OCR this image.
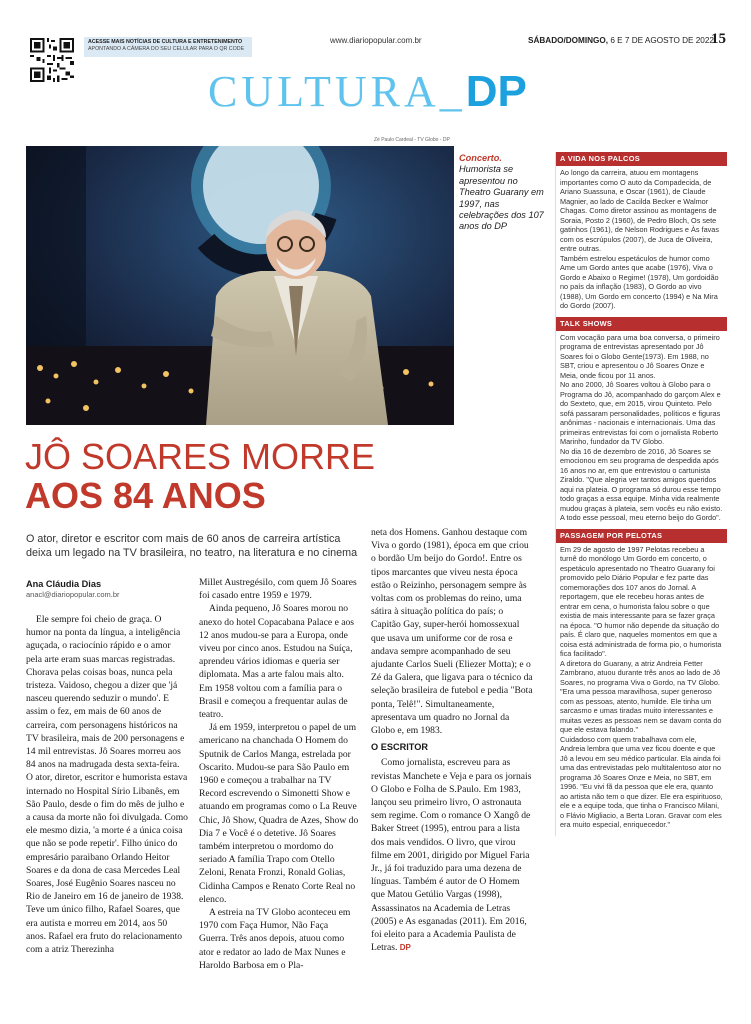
ACESSE MAIS NOTÍCIAS DE CULTURA E ENTRETENIMENTO
APONTANDO A CÂMERA DO SEU CELULAR PARA O QR CODE
www.diariopopular.com.br	SÁBADO/DOMINGO, 6 E 7 DE AGOSTO DE 2022
15
CULTURA_DP
Zé Paulo Cardeal - TV Globo - DP
Concerto.
Humorista se apresentou no Theatro Guarany em 1997, nas celebrações dos 107 anos do DP
JÔ SOARES MORRE
AOS 84 ANOS
O ator, diretor e escritor com mais de 60 anos de carreira artística deixa um legado na TV brasileira, no teatro, na literatura e no cinema
Ana Cláudia Dias
anacl@diariopopular.com.br
Ele sempre foi cheio de graça. O humor na ponta da língua, a inteligência aguçada, o raciocínio rápido e o amor pela arte eram suas marcas registradas. Chorava pelas coisas boas, nunca pela tristeza. Vaidoso, chegou a dizer que 'já nasceu querendo seduzir o mundo'. E assim o fez, em mais de 60 anos de carreira, com personagens históricos na TV brasileira, mais de 200 personagens e 14 mil entrevistas. Jô Soares morreu aos 84 anos na madrugada desta sexta-feira. O ator, diretor, escritor e humorista estava internado no Hospital Sírio Libanês, em São Paulo, desde o fim do mês de julho e a causa da morte não foi divulgada. Como ele mesmo dizia, 'a morte é a única coisa que não se pode repetir'. Filho único do empresário paraibano Orlando Heitor Soares e da dona de casa Mercedes Leal Soares, José Eugênio Soares nasceu no Rio de Janeiro em 16 de janeiro de 1938. Teve um único filho, Rafael Soares, que era autista e morreu em 2014, aos 50 anos. Rafael era fruto do relacionamento com a atriz Therezinha

Millet Austregésilo, com quem Jô Soares foi casado entre 1959 e 1979.

Ainda pequeno, Jô Soares morou no anexo do hotel Copacabana Palace e aos 12 anos mudou-se para a Europa, onde viveu por cinco anos. Estudou na Suíça, aprendeu vários idiomas e queria ser diplomata. Mas a arte falou mais alto. Em 1958 voltou com a família para o Brasil e começou a frequentar aulas de teatro.

Já em 1959, interpretou o papel de um americano na chanchada O Homem do Sputnik de Carlos Manga, estrelada por Oscarito. Mudou-se para São Paulo em 1960 e começou a trabalhar na TV Record escrevendo o Simonetti Show e atuando em programas como o La Reuve Chic, Jô Show, Quadra de Azes, Show do Dia 7 e Você é o detetive. Jô Soares também interpretou o mordomo do seriado A família Trapo com Otello Zeloni, Renata Fronzi, Ronald Golias, Cidinha Campos e Renato Corte Real no elenco.

A estreia na TV Globo aconteceu em 1970 com Faça Humor, Não Faça Guerra. Três anos depois, atuou como ator e redator ao lado de Max Nunes e Haroldo Barbosa em o Pla-

neta dos Homens. Ganhou destaque com Viva o gordo (1981), época em que criou o bordão Um beijo do Gordo!. Entre os tipos marcantes que viveu nesta época estão o Reizinho, personagem sempre às voltas com os problemas do reino, uma sátira à situação política do país; o Capitão Gay, super-herói homossexual que usava um uniforme cor de rosa e andava sempre acompanhado de seu ajudante Carlos Sueli (Eliezer Motta); e o Zé da Galera, que ligava para o técnico da seleção brasileira de futebol e pedia "Bota ponta, Telê!". Simultaneamente, apresentava um quadro no Jornal da Globo e, em 1983.

O ESCRITOR

Como jornalista, escreveu para as revistas Manchete e Veja e para os jornais O Globo e Folha de S.Paulo. Em 1983, lançou seu primeiro livro, O astronauta sem regime. Com o romance O Xangô de Baker Street (1995), entrou para a lista dos mais vendidos. O livro, que virou filme em 2001, dirigido por Miguel Faria Jr., já foi traduzido para uma dezena de línguas. Também é autor de O Homem que Matou Getúlio Vargas (1998), Assassinatos na Academia de Letras (2005) e As esganadas (2011). Em 2016, foi eleito para a Academia Paulista de Letras. DP

A VIDA NOS PALCOS

Ao longo da carreira, atuou em montagens importantes como O auto da Compadecida, de Ariano Suassuna, e Oscar (1961), de Claude Magnier, ao lado de Cacilda Becker e Walmor Chagas. Como diretor assinou as montagens de Soraia, Posto 2 (1960), de Pedro Bloch, Os sete gatinhos (1961), de Nelson Rodrigues e Às favas com os escrúpulos (2007), de Juca de Oliveira, entre outras.

Também estrelou espetáculos de humor como Ame um Gordo antes que acabe (1976), Viva o Gordo e Abaixo o Regime! (1978), Um gordoidão no país da inflação (1983), O Gordo ao vivo (1988), Um Gordo em concerto (1994) e Na Mira do Gordo (2007).

TALK SHOWS

Com vocação para uma boa conversa, o primeiro programa de entrevistas apresentado por Jô Soares foi o Globo Gente(1973). Em 1988, no SBT, criou e apresentou o Jô Soares Onze e Meia, onde ficou por 11 anos.

No ano 2000, Jô Soares voltou à Globo para o Programa do Jô, acompanhado do garçom Alex e do Sexteto, que, em 2015, virou Quinteto. Pelo sofá passaram personalidades, políticos e figuras anônimas - nacionais e internacionais. Uma das primeiras entrevistas foi com o jornalista Roberto Marinho, fundador da TV Globo.

No dia 16 de dezembro de 2016, Jô Soares se emocionou em seu programa de despedida após 16 anos no ar, em que entrevistou o cartunista Ziraldo. "Que alegria ver tantos amigos queridos aqui na plateia. O programa só durou esse tempo todo graças a essa equipe. Minha vida realmente mudou graças à plateia, sem vocês eu não existo. A todo esse pessoal, meu eterno beijo do Gordo".

PASSAGEM POR PELOTAS

Em 29 de agosto de 1997 Pelotas recebeu a turnê do monólogo Um Gordo em concerto, o espetáculo apresentado no Theatro Guarany foi promovido pelo Diário Popular e fez parte das comemorações dos 107 anos do Jornal. A reportagem, que ele recebeu horas antes de entrar em cena, o humorista falou sobre o que existia de mais interessante para se fazer graça na época. "O humor não depende da situação do país. É claro que, naqueles momentos em que a coisa está administrada de forma pio, o humorista fica facilitado".

A diretora do Guarany, a atriz Andreia Fetter Zambrano, atuou durante três anos ao lado de Jô Soares, no programa Viva o Gordo, na TV Globo. "Era uma pessoa maravilhosa, super generoso com as pessoas, atento, humilde. Ele tinha um sarcasmo e umas tiradas muito interessantes e muitas vezes as pessoas nem se davam conta do que ele estava falando."

Cuidadoso com quem trabalhava com ele, Andreia lembra que uma vez ficou doente e que Jô a levou em seu médico particular. Ela ainda foi uma das entrevistadas pelo multitalentoso ator no programa Jô Soares Onze e Meia, no SBT, em 1996. "Eu vivi fã da pessoa que ele era, quanto ao artista não tem o que dizer. Ele era espirituoso, ele e a equipe toda, que tinha o Francisco Milani, o Flávio Migliacio, a Berta Loran. Gravar com eles era muito especial, enriquecedor."
